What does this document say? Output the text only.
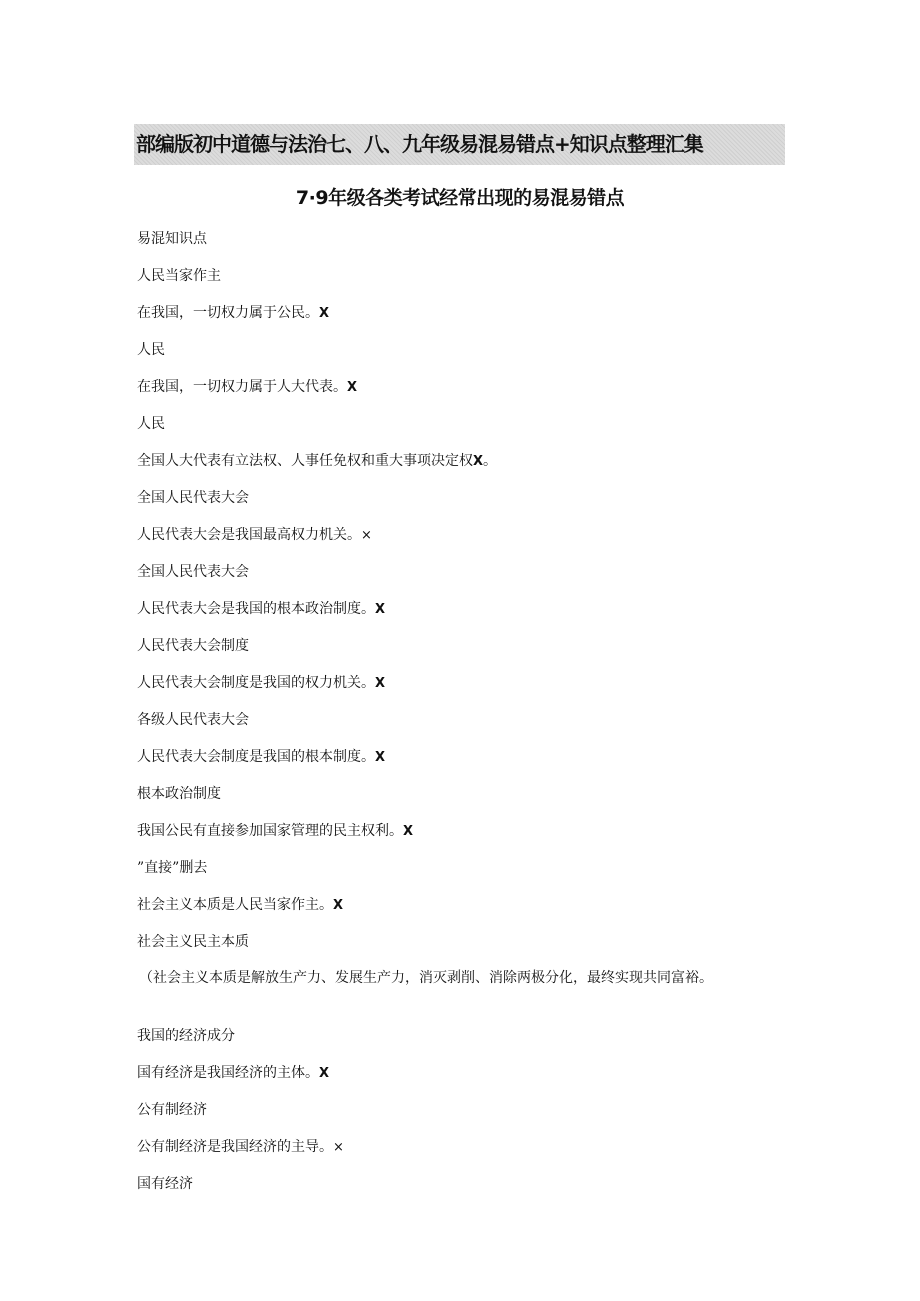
部编版初中道德与法治七、八、九年级易混易错点+知识点整理汇集
7·9年级各类考试经常出现的易混易错点
易混知识点
人民当家作主
在我国，一切权力属于公民。X
人民
在我国，一切权力属于人大代表。X
人民
全国人大代表有立法权、人事任免权和重大事项决定权X。
全国人民代表大会
人民代表大会是我国最高权力机关。×
全国人民代表大会
人民代表大会是我国的根本政治制度。X
人民代表大会制度
人民代表大会制度是我国的权力机关。X
各级人民代表大会
人民代表大会制度是我国的根本制度。X
根本政治制度
我国公民有直接参加国家管理的民主权利。X
”直接”删去
社会主义本质是人民当家作主。X
社会主义民主本质
（社会主义本质是解放生产力、发展生产力，消灭剥削、消除两极分化，最终实现共同富裕。
我国的经济成分
国有经济是我国经济的主体。X
公有制经济
公有制经济是我国经济的主导。×
国有经济
